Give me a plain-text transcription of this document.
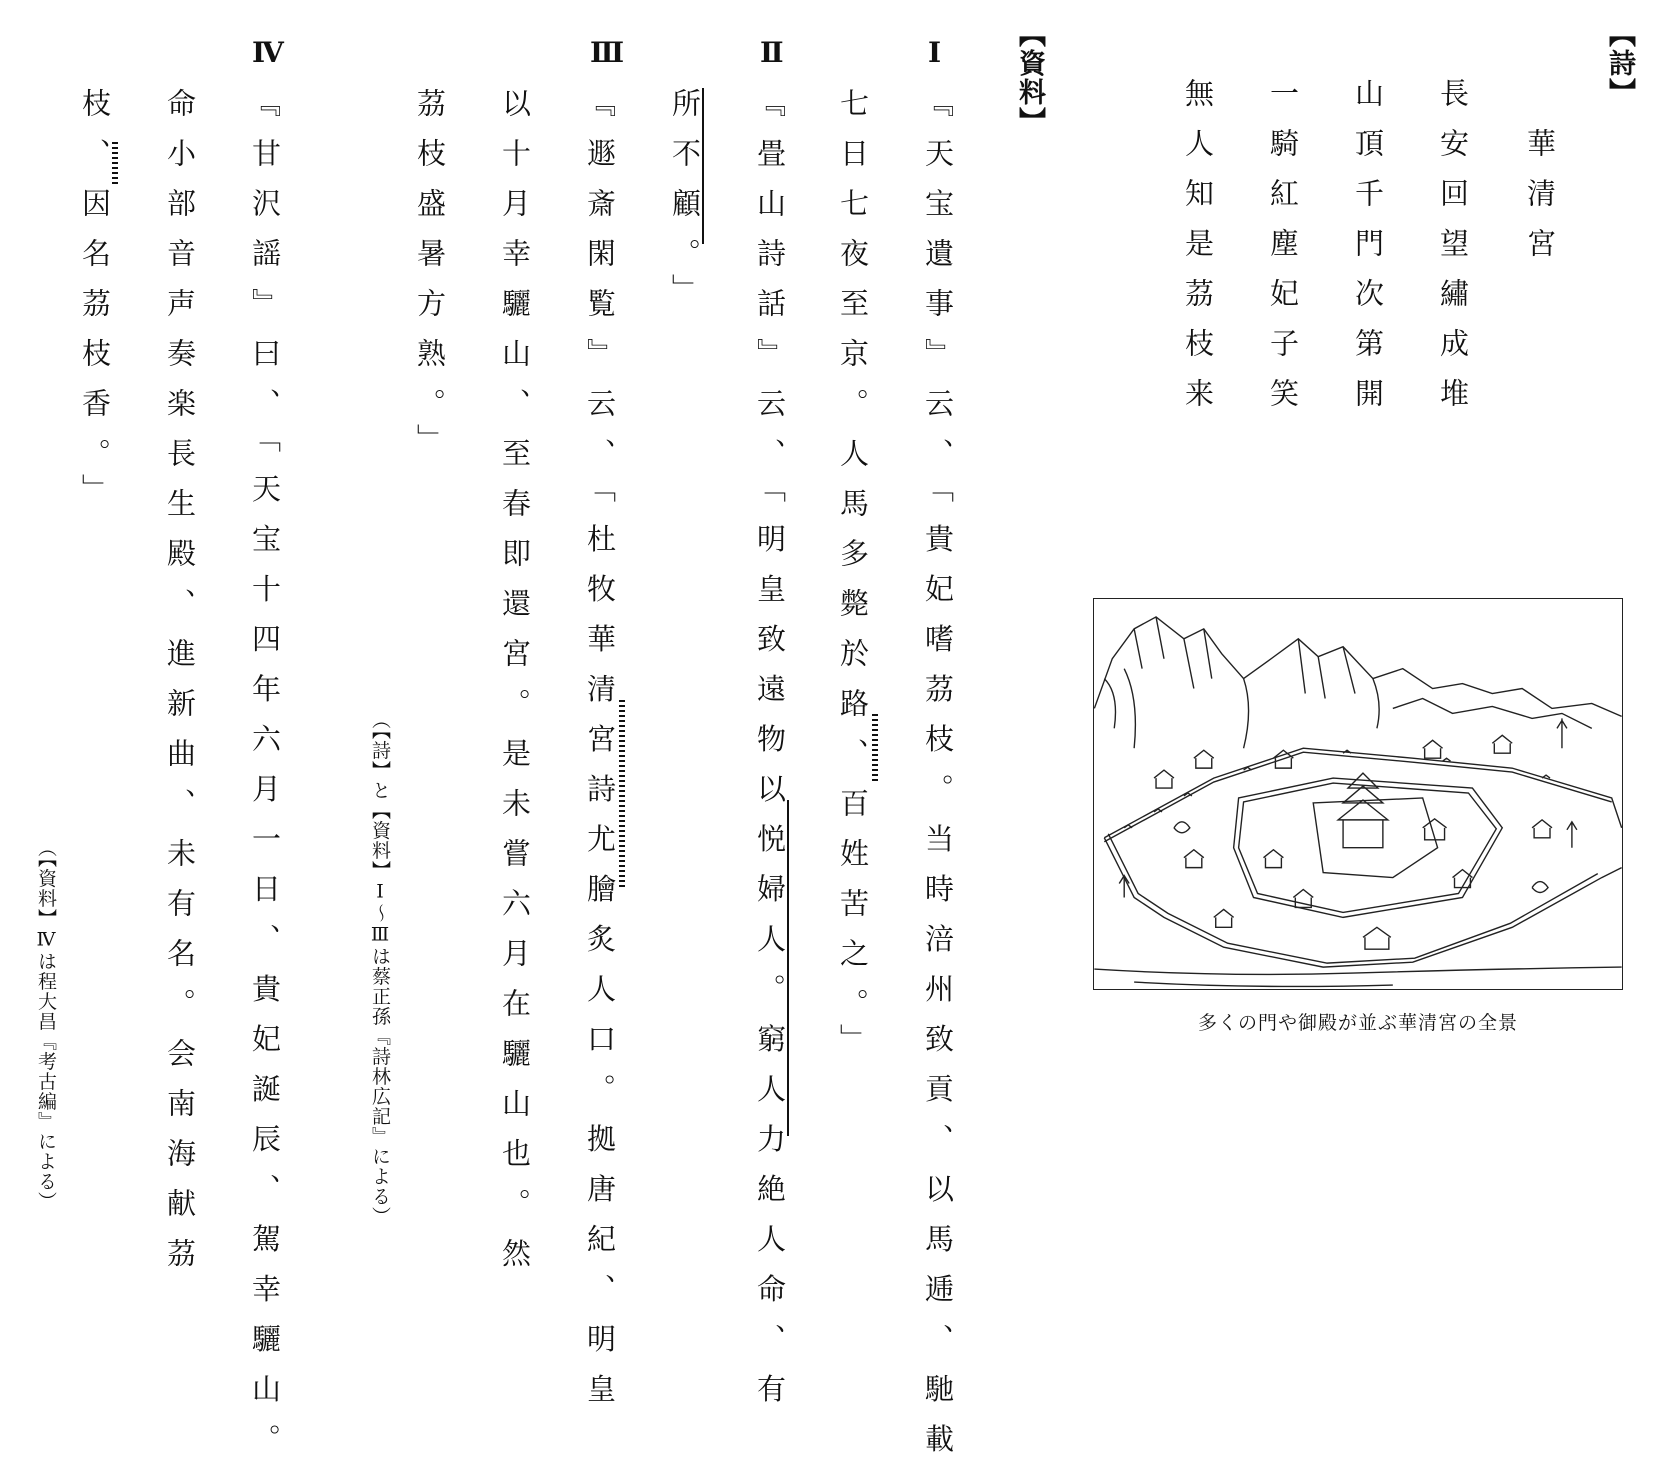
【詩】
華清宮
長安回望繡成堆
山頂千門次第開
一騎紅塵妃子笑
無人知是茘枝来
【資料】
Ⅰ
『天宝遺事』云、「貴妃嗜茘枝。当時涪州致貢、以馬逓、馳載
七日七夜至京。人馬多斃於路、百姓苦之。」
Ⅱ
『畳山詩話』云、「明皇致遠物以悦婦人。窮人力絶人命、有
所不顧。」
Ⅲ
『遯斎閑覧』云、「杜牧華清宮詩尤膾炙人口。拠唐紀、明皇
以十月幸驪山、至春即還宮。是未嘗六月在驪山也。然
茘枝盛暑方熟。」
（【詩】と【資料】Ⅰ〜Ⅲは蔡正孫『詩林広記』による）
Ⅳ
『甘沢謡』曰、「天宝十四年六月一日、貴妃誕辰、駕幸驪山。
命小部音声奏楽長生殿、進新曲、未有名。会南海献茘
枝、因名茘枝香。」
（【資料】Ⅳは程大昌『考古編』による）	多くの門や御殿が並ぶ華清宮の全景
